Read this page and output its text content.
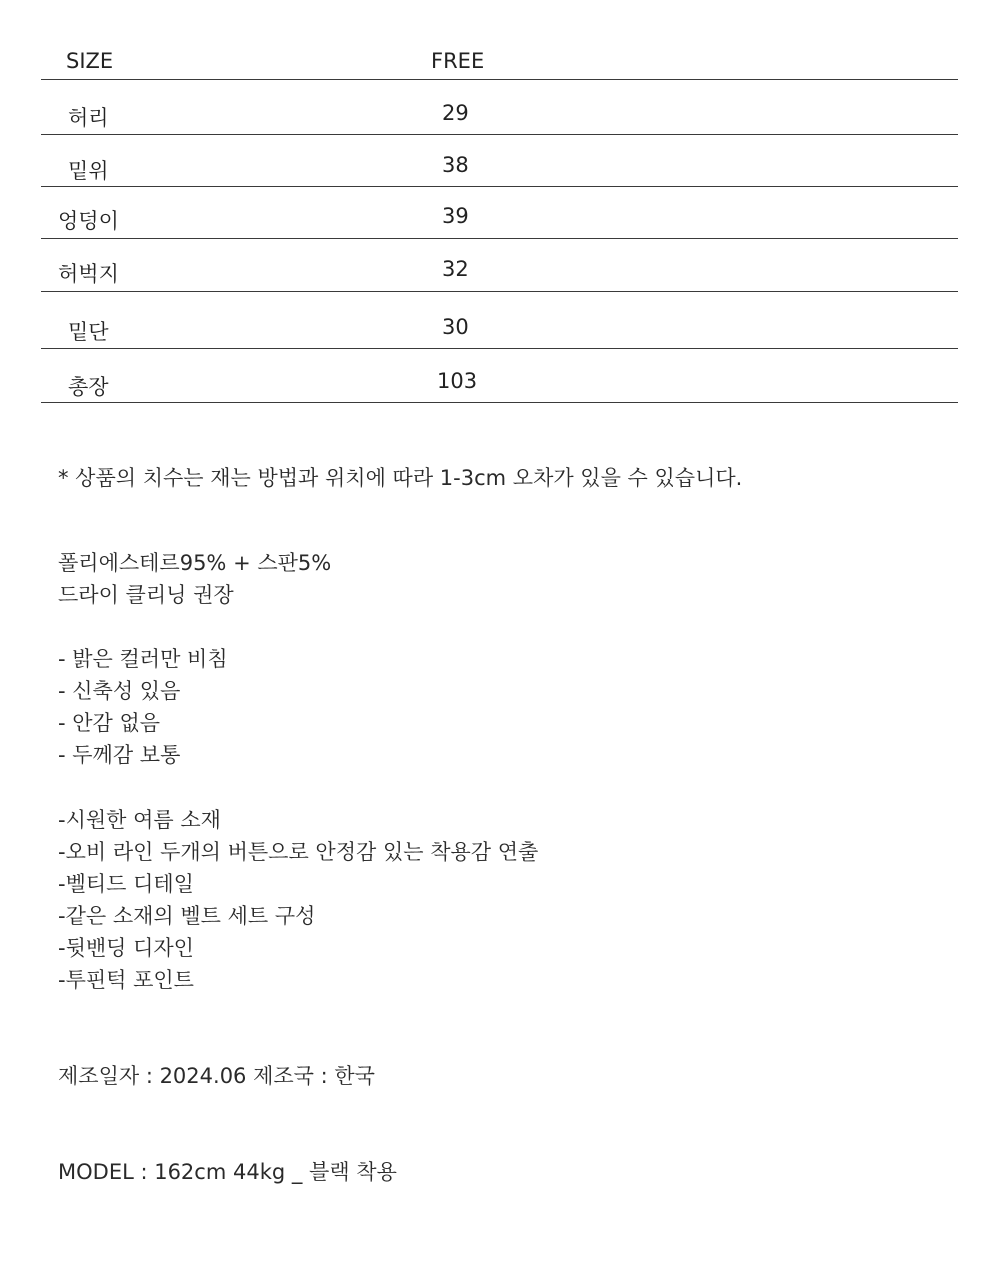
SIZE	FREE
허리	29
밑위	38
엉덩이	39
허벅지	32
밑단	30
총장	103

* 상품의 치수는 재는 방법과 위치에 따라 1-3cm 오차가 있을 수 있습니다.

폴리에스테르95% + 스판5%
드라이 클리닝 권장
- 밝은 컬러만 비침
- 신축성 있음
- 안감 없음
- 두께감 보통
-시원한 여름 소재
-오비 라인 두개의 버튼으로 안정감 있는 착용감 연출
-벨티드 디테일
-같은 소재의 벨트 세트 구성
-뒷밴딩 디자인
-투핀턱 포인트

제조일자 : 2024.06 제조국 : 한국

MODEL : 162cm 44kg _ 블랙 착용
